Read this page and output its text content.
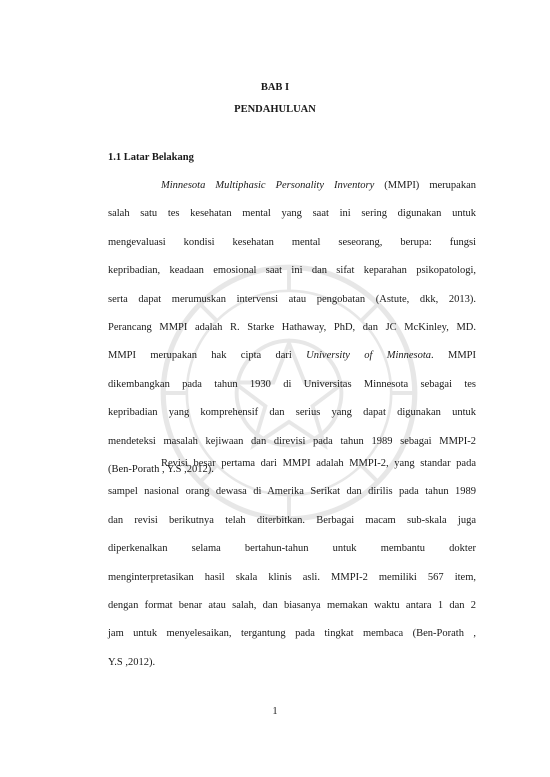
BAB I
PENDAHULUAN
1.1 Latar Belakang
Minnesota Multiphasic Personality Inventory (MMPI) merupakan
salah satu tes kesehatan mental yang saat ini sering digunakan untuk
mengevaluasi kondisi kesehatan mental seseorang, berupa: fungsi
kepribadian, keadaan emosional saat ini dan sifat keparahan psikopatologi,
serta dapat merumuskan intervensi atau pengobatan (Astute, dkk, 2013).
Perancang MMPI adalah R. Starke Hathaway, PhD, dan JC McKinley, MD.
MMPI merupakan hak cipta dari University of Minnesota. MMPI
dikembangkan pada tahun 1930 di Universitas Minnesota sebagai tes
kepribadian yang komprehensif dan serius yang dapat digunakan untuk
mendeteksi masalah kejiwaan dan direvisi pada tahun 1989 sebagai MMPI-2
(Ben-Porath , Y.S ,2012).
Revisi besar pertama dari MMPI adalah MMPI-2, yang standar pada
sampel nasional orang dewasa di Amerika Serikat dan dirilis pada tahun 1989
dan revisi berikutnya telah diterbitkan. Berbagai macam sub-skala juga
diperkenalkan selama bertahun-tahun untuk membantu dokter
menginterpretasikan hasil skala klinis asli. MMPI-2 memiliki 567 item,
dengan format benar atau salah, dan biasanya memakan waktu antara 1 dan 2
jam untuk menyelesaikan, tergantung pada tingkat membaca (Ben-Porath ,
Y.S ,2012).
1
